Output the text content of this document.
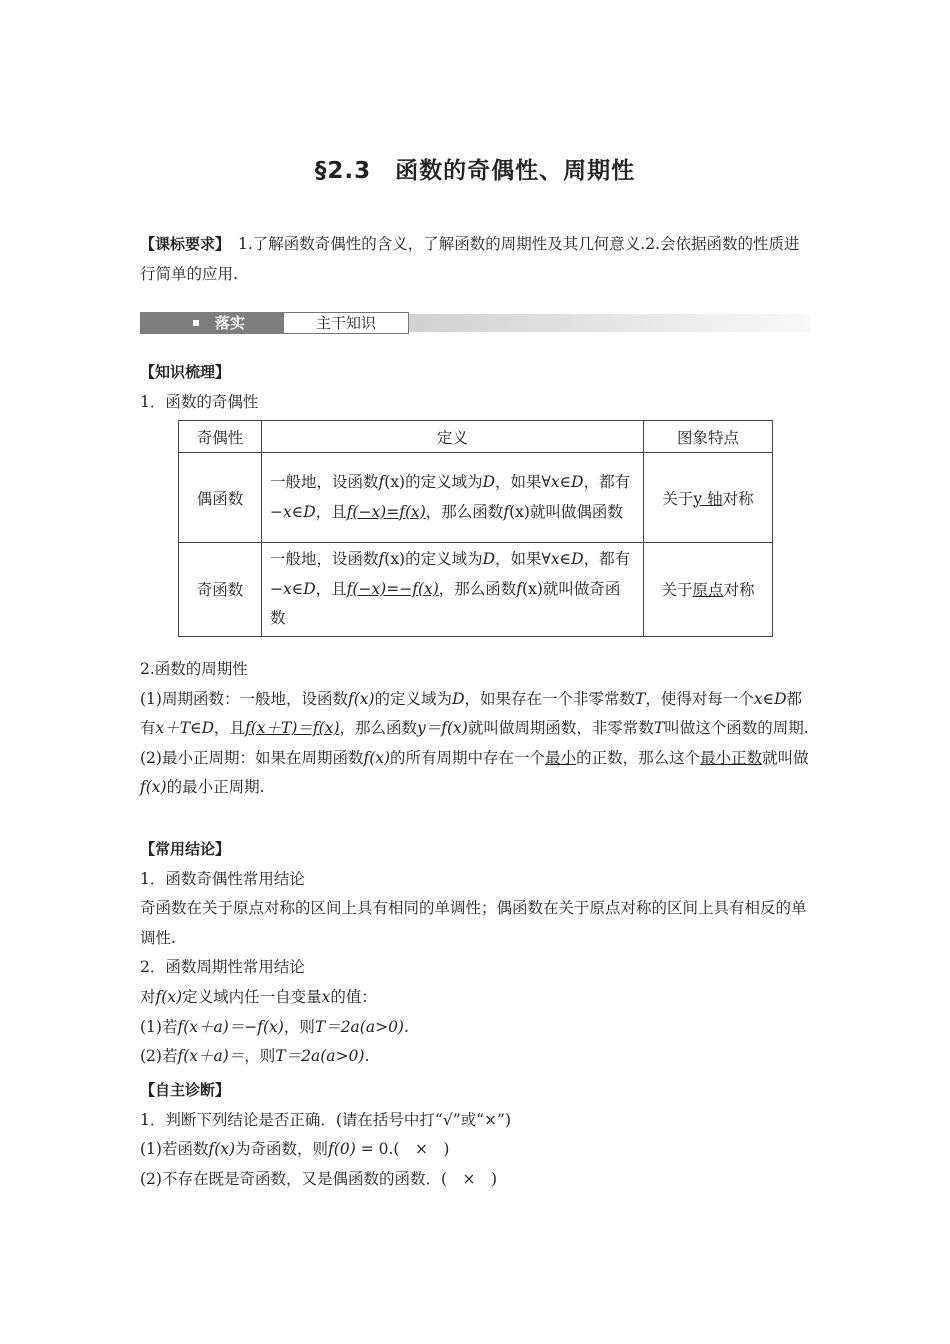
§2.3　函数的奇偶性、周期性
【课标要求】　1.了解函数奇偶性的含义，了解函数的周期性及其几何意义.2.会依据函数的性质进行简单的应用.
落实	主干知识

【知识梳理】

1．函数的奇偶性

奇偶性	定义	图象特点
偶函数	一般地，设函数f(x)的定义域为D，如果∀x∈D，都有−x∈D，且f(−x)=f(x)，那么函数f(x)就叫做偶函数	关于y 轴对称
奇函数	一般地，设函数f(x)的定义域为D，如果∀x∈D，都有−x∈D，且f(−x)=−f(x)，那么函数f(x)就叫做奇函数	关于原点对称

2.函数的周期性

(1)周期函数：一般地，设函数f(x)的定义域为D，如果存在一个非零常数T，使得对每一个x∈D都有x＋T∈D，且f(x＋T)＝f(x)，那么函数y＝f(x)就叫做周期函数，非零常数T叫做这个函数的周期.

(2)最小正周期：如果在周期函数f(x)的所有周期中存在一个最小的正数，那么这个最小正数就叫做f(x)的最小正周期.

【常用结论】

1．函数奇偶性常用结论

奇函数在关于原点对称的区间上具有相同的单调性；偶函数在关于原点对称的区间上具有相反的单调性.

2．函数周期性常用结论

对f(x)定义域内任一自变量x的值：

(1)若f(x＋a)＝−f(x)，则T＝2a(a>0).

(2)若f(x＋a)＝，则T＝2a(a>0).

【自主诊断】

1．判断下列结论是否正确．(请在括号中打“√”或“×”)

(1)若函数f(x)为奇函数，则f(0) = 0.(　×　)

(2)不存在既是奇函数，又是偶函数的函数．(　×　)
